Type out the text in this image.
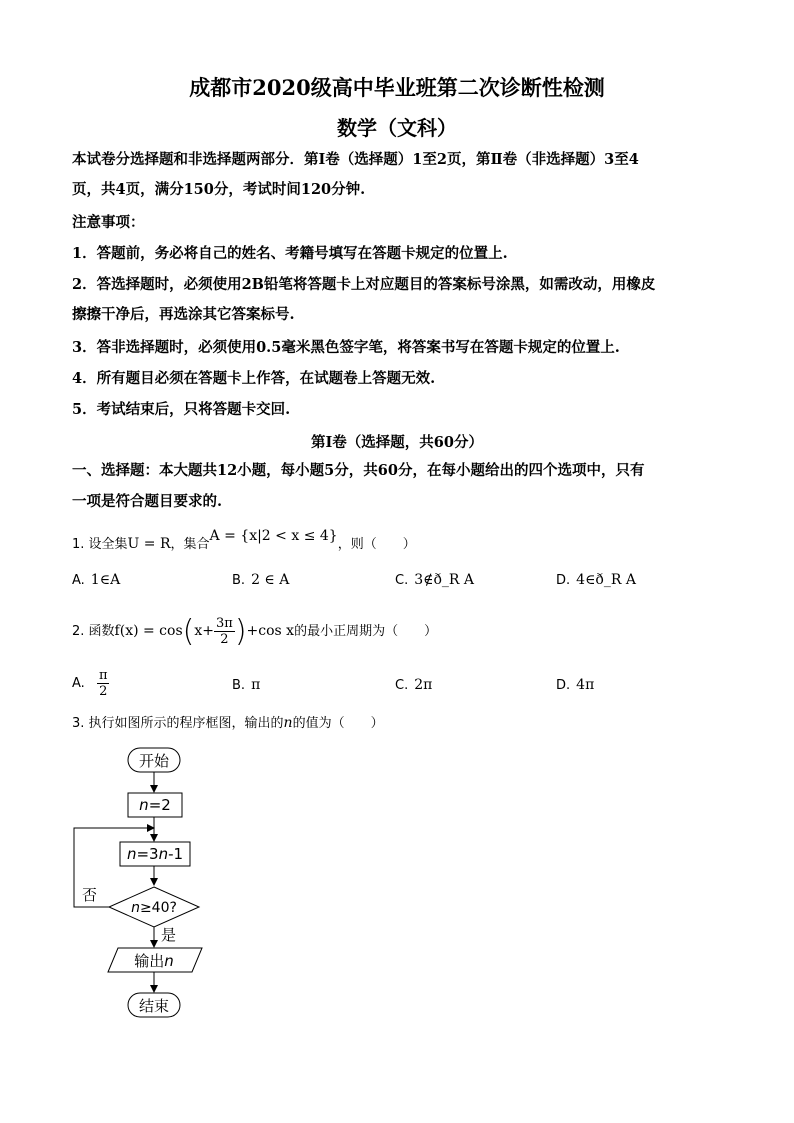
成都市2020级高中毕业班第二次诊断性检测
数学（文科）
本试卷分选择题和非选择题两部分．第Ⅰ卷（选择题）1至2页，第Ⅱ卷（非选择题）3至4
页，共4页，满分150分，考试时间120分钟.
注意事项：
1．答题前，务必将自己的姓名、考籍号填写在答题卡规定的位置上.
2．答选择题时，必须使用2B铅笔将答题卡上对应题目的答案标号涂黑，如需改动，用橡皮
擦擦干净后，再选涂其它答案标号.
3．答非选择题时，必须使用0.5毫米黑色签字笔，将答案书写在答题卡规定的位置上.
4．所有题目必须在答题卡上作答，在试题卷上答题无效.
5．考试结束后，只将答题卡交回.
第Ⅰ卷（选择题，共60分）
一、选择题：本大题共12小题，每小题5分，共60分，在每小题给出的四个选项中，只有
一项是符合题目要求的.
1. 设全集U = R，集合A = {x|2 < x ≤ 4}，则（　　）
A. 1∈A	B. 2 ∈ A	C. 3∉ð_R A	D. 4∈ð_R A
2. 函数$f(x) = \cos(x+ \frac{3\pi}{2} )+\cos$ x的最小正周期为（　　）
A. $\frac{\pi}{2}$	B. π	C. 2π	D. 4π
3. 执行如图所示的程序框图，输出的n的值为（　　）
开始
n=2
n=3n-1
n≥40?
否
是
输出n
结束
